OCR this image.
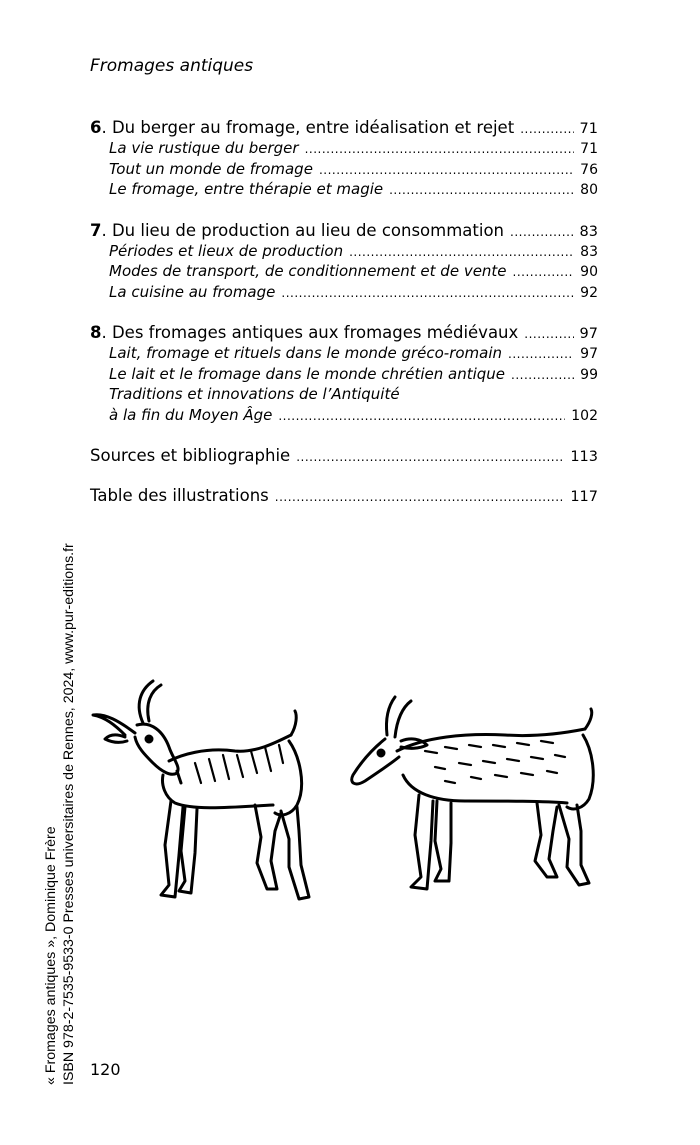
Fromages antiques
6. Du berger au fromage, entre idéalisation et rejet .....	71
La vie rustique du berger .....	71
Tout un monde de fromage .....	76
Le fromage, entre thérapie et magie .....	80
7. Du lieu de production au lieu de consommation .....	83
Périodes et lieux de production .....	83
Modes de transport, de conditionnement et de vente .....	90
La cuisine au fromage .....	92
8. Des fromages antiques aux fromages médiévaux .....	97
Lait, fromage et rituels dans le monde gréco-romain .....	97
Le lait et le fromage dans le monde chrétien antique .....	99
Traditions et innovations de l’Antiquité
à la fin du Moyen Âge .....	102
Sources et bibliographie .....	113
Table des illustrations .....	117
120
« Fromages antiques », Dominique Frère ISBN 978-2-7535-9533-0 Presses universitaires de Rennes, 2024, www.pur-editions.fr
